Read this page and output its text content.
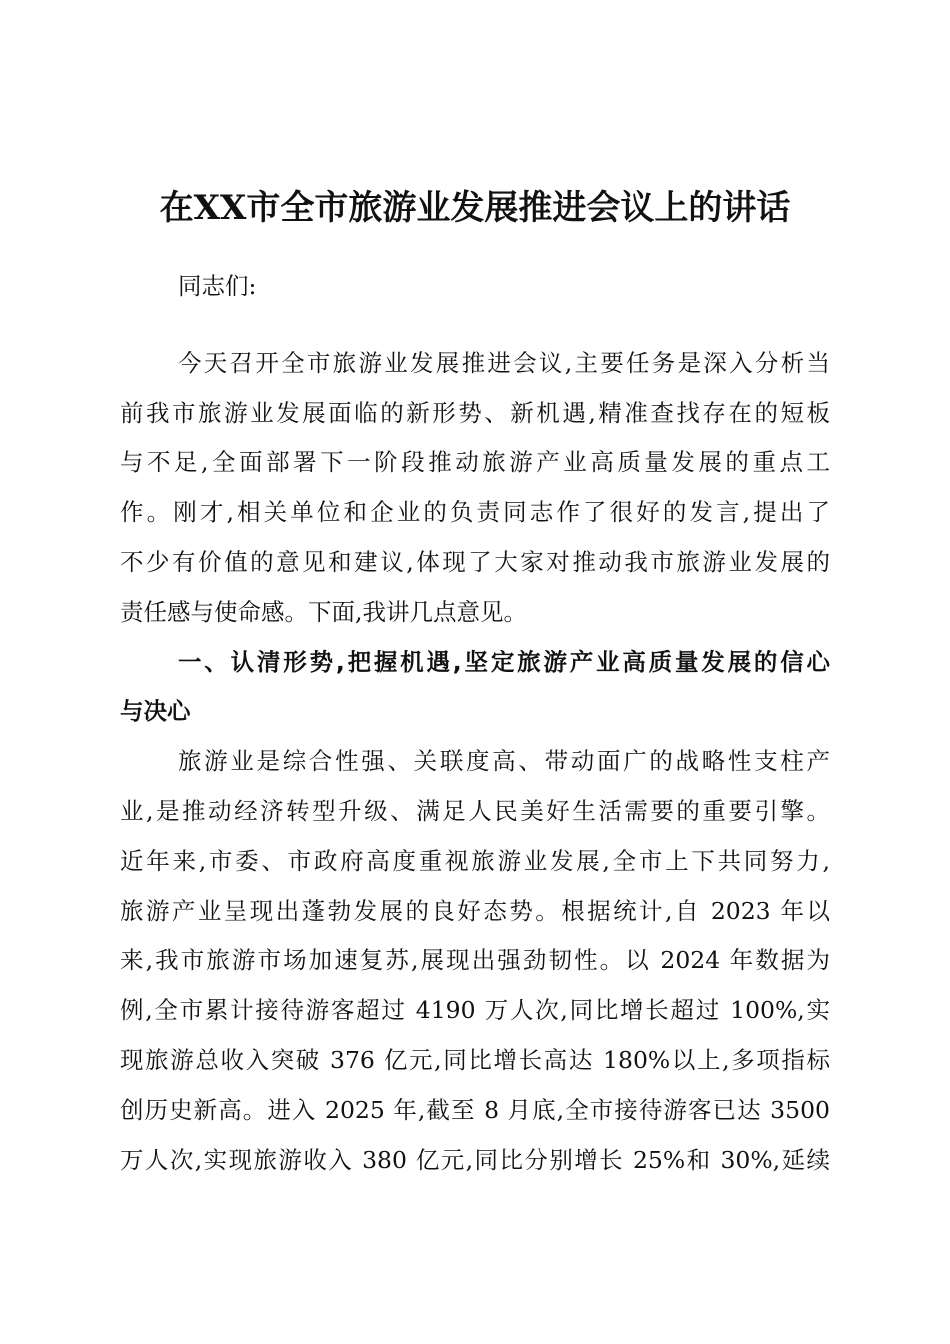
在XX市全市旅游业发展推进会议上的讲话
同志们:
今天召开全市旅游业发展推进会议,主要任务是深入分析当
前我市旅游业发展面临的新形势、新机遇,精准查找存在的短板
与不足,全面部署下一阶段推动旅游产业高质量发展的重点工
作。刚才,相关单位和企业的负责同志作了很好的发言,提出了
不少有价值的意见和建议,体现了大家对推动我市旅游业发展的
责任感与使命感。下面,我讲几点意见。
一、认清形势,把握机遇,坚定旅游产业高质量发展的信心
与决心
旅游业是综合性强、关联度高、带动面广的战略性支柱产
业,是推动经济转型升级、满足人民美好生活需要的重要引擎。
近年来,市委、市政府高度重视旅游业发展,全市上下共同努力,
旅游产业呈现出蓬勃发展的良好态势。根据统计,自 2023 年以
来,我市旅游市场加速复苏,展现出强劲韧性。以 2024 年数据为
例,全市累计接待游客超过 4190 万人次,同比增长超过 100%,实
现旅游总收入突破 376 亿元,同比增长高达 180%以上,多项指标
创历史新高。进入 2025 年,截至 8 月底,全市接待游客已达 3500
万人次,实现旅游收入 380 亿元,同比分别增长 25%和 30%,延续
